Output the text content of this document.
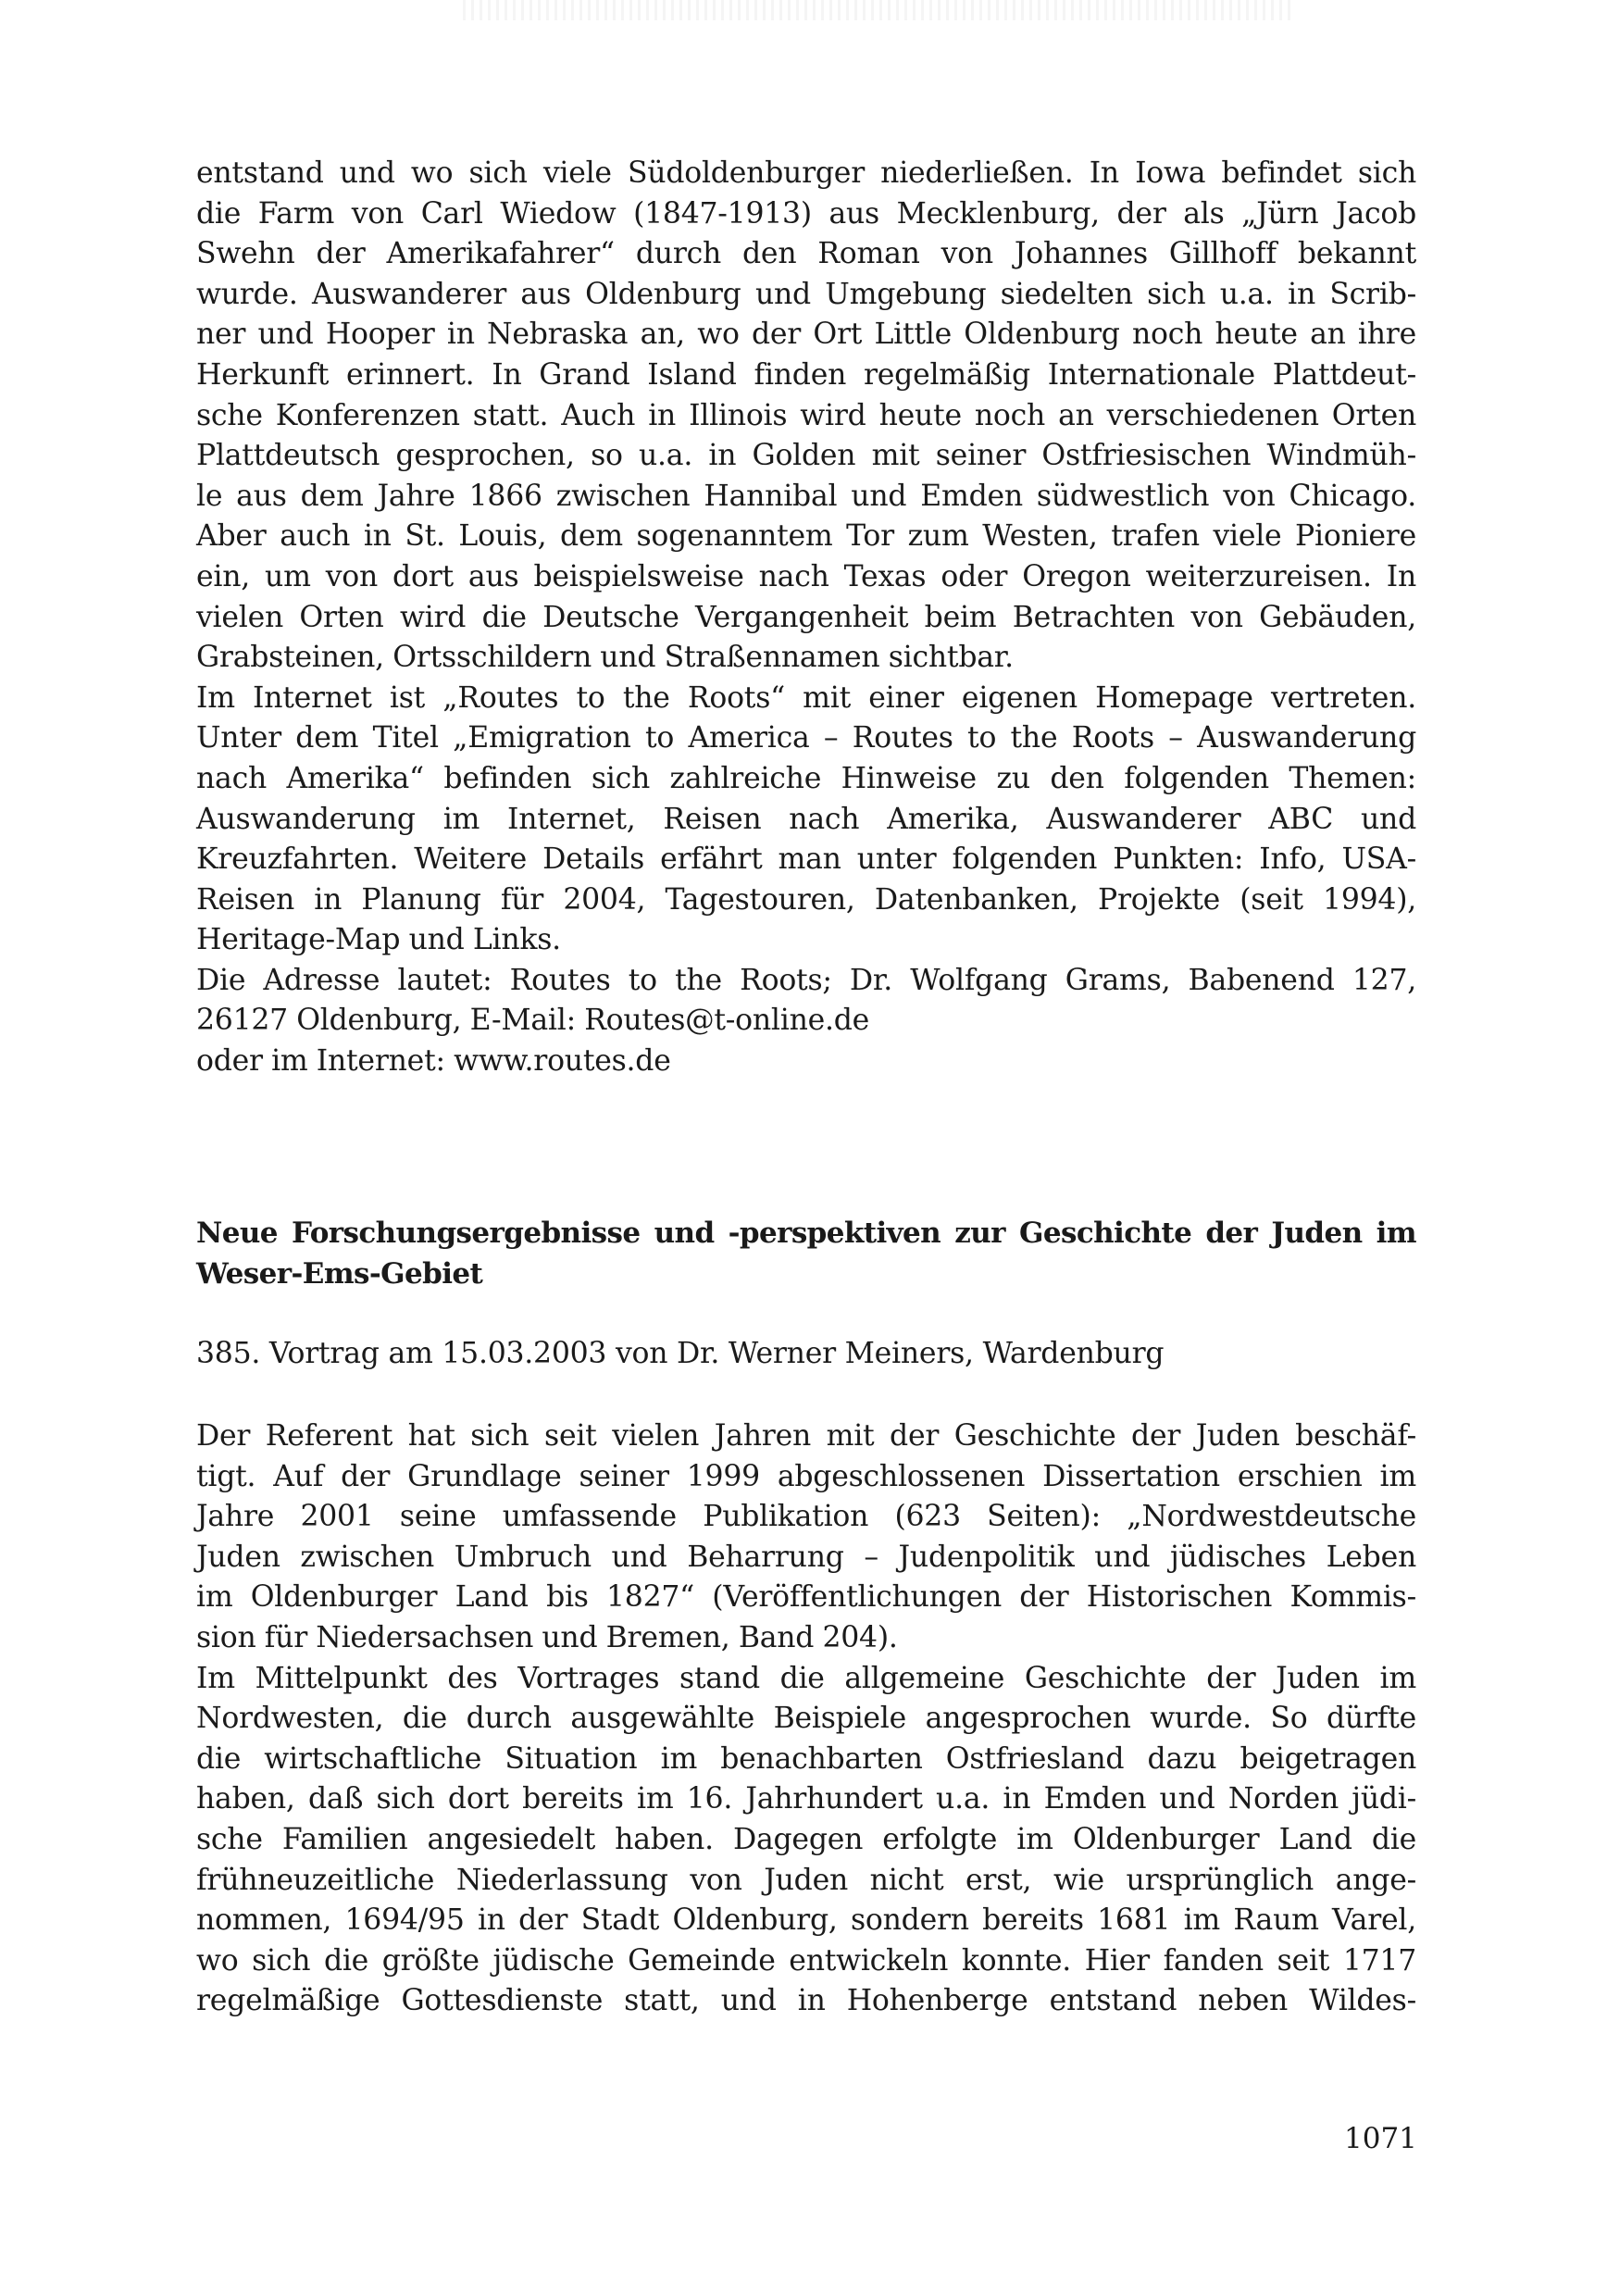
entstand und wo sich viele Südoldenburger niederließen. In Iowa befindet sich
die Farm von Carl Wiedow (1847-1913) aus Mecklenburg, der als „Jürn Jacob
Swehn der Amerikafahrer“ durch den Roman von Johannes Gillhoff bekannt
wurde. Auswanderer aus Oldenburg und Umgebung siedelten sich u.a. in Scrib-
ner und Hooper in Nebraska an, wo der Ort Little Oldenburg noch heute an ihre
Herkunft erinnert. In Grand Island finden regelmäßig Internationale Plattdeut-
sche Konferenzen statt. Auch in Illinois wird heute noch an verschiedenen Orten
Plattdeutsch gesprochen, so u.a. in Golden mit seiner Ostfriesischen Windmüh-
le aus dem Jahre 1866 zwischen Hannibal und Emden südwestlich von Chicago.
Aber auch in St. Louis, dem sogenanntem Tor zum Westen, trafen viele Pioniere
ein, um von dort aus beispielsweise nach Texas oder Oregon weiterzureisen. In
vielen Orten wird die Deutsche Vergangenheit beim Betrachten von Gebäuden,
Grabsteinen, Ortsschildern und Straßennamen sichtbar.

Im Internet ist „Routes to the Roots“ mit einer eigenen Homepage vertreten.
Unter dem Titel „Emigration to America – Routes to the Roots – Auswanderung
nach Amerika“ befinden sich zahlreiche Hinweise zu den folgenden Themen:
Auswanderung im Internet, Reisen nach Amerika, Auswanderer ABC und
Kreuzfahrten. Weitere Details erfährt man unter folgenden Punkten: Info, USA-
Reisen in Planung für 2004, Tagestouren, Datenbanken, Projekte (seit 1994),
Heritage-Map und Links.

Die Adresse lautet: Routes to the Roots; Dr. Wolfgang Grams, Babenend 127,
26127 Oldenburg, E-Mail: Routes@t-online.de
oder im Internet: www.routes.de

Neue Forschungsergebnisse und -perspektiven zur Geschichte der Juden im
Weser-Ems-Gebiet

385. Vortrag am 15.03.2003 von Dr. Werner Meiners, Wardenburg

Der Referent hat sich seit vielen Jahren mit der Geschichte der Juden beschäf-
tigt. Auf der Grundlage seiner 1999 abgeschlossenen Dissertation erschien im
Jahre 2001 seine umfassende Publikation (623 Seiten): „Nordwestdeutsche
Juden zwischen Umbruch und Beharrung – Judenpolitik und jüdisches Leben
im Oldenburger Land bis 1827“ (Veröffentlichungen der Historischen Kommis-
sion für Niedersachsen und Bremen, Band 204).

Im Mittelpunkt des Vortrages stand die allgemeine Geschichte der Juden im
Nordwesten, die durch ausgewählte Beispiele angesprochen wurde. So dürfte
die wirtschaftliche Situation im benachbarten Ostfriesland dazu beigetragen
haben, daß sich dort bereits im 16. Jahrhundert u.a. in Emden und Norden jüdi-
sche Familien angesiedelt haben. Dagegen erfolgte im Oldenburger Land die
frühneuzeitliche Niederlassung von Juden nicht erst, wie ursprünglich ange-
nommen, 1694/95 in der Stadt Oldenburg, sondern bereits 1681 im Raum Varel,
wo sich die größte jüdische Gemeinde entwickeln konnte. Hier fanden seit 1717
regelmäßige Gottesdienste statt, und in Hohenberge entstand neben Wildes-

1071
